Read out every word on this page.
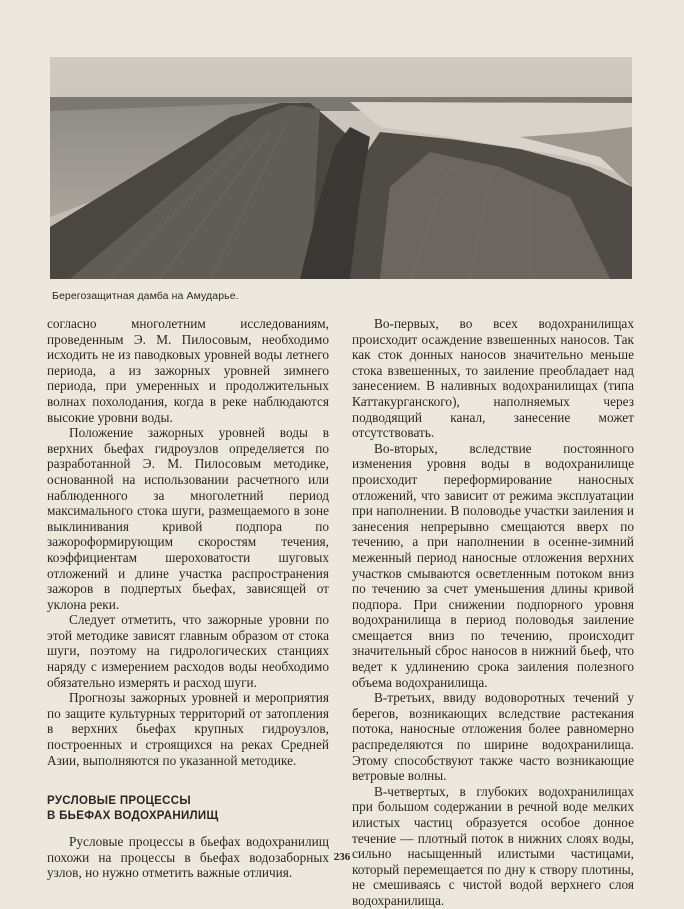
Берегозащитная дамба на Амударье.

согласно многолетним исследованиям, проведенным Э. М. Пилосовым, необходимо исходить не из паводковых уровней воды летнего периода, а из зажорных уровней зимнего периода, при умеренных и продолжительных волнах похолодания, когда в реке наблюдаются высокие уровни воды.

Положение зажорных уровней воды в верхних бьефах гидроузлов определяется по разработанной Э. М. Пилосовым методике, основанной на использовании расчетного или наблюденного за многолетний период максимального стока шуги, размещаемого в зоне выклинивания кривой подпора по зажороформирующим скоростям течения, коэффициентам шероховатости шуговых отложений и длине участка распространения зажоров в подпертых бьефах, зависящей от уклона реки.

Следует отметить, что зажорные уровни по этой методике зависят главным образом от стока шуги, поэтому на гидрологических станциях наряду с измерением расходов воды необходимо обязательно измерять и расход шуги.

Прогнозы зажорных уровней и мероприятия по защите культурных территорий от затопления в верхних бьефах крупных гидроузлов, построенных и строящихся на реках Средней Азии, выполняются по указанной методике.

РУСЛОВЫЕ ПРОЦЕССЫ
В БЬЕФАХ ВОДОХРАНИЛИЩ

Русловые процессы в бьефах водохранилищ похожи на процессы в бьефах водозаборных узлов, но нужно отметить важные отличия.

Во-первых, во всех водохранилищах происходит осаждение взвешенных наносов. Так как сток донных наносов значительно меньше стока взвешенных, то заиление преобладает над занесением. В наливных водохранилищах (типа Каттакурганского), наполняемых через подводящий канал, занесение может отсутствовать.

Во-вторых, вследствие постоянного изменения уровня воды в водохранилище происходит переформирование наносных отложений, что зависит от режима эксплуатации при наполнении. В половодье участки заиления и занесения непрерывно смещаются вверх по течению, а при наполнении в осенне-зимний меженный период наносные отложения верхних участков смываются осветленным потоком вниз по течению за счет уменьшения длины кривой подпора. При снижении подпорного уровня водохранилища в период половодья заиление смещается вниз по течению, происходит значительный сброс наносов в нижний бьеф, что ведет к удлинению срока заиления полезного объема водохранилища.

В-третьих, ввиду водоворотных течений у берегов, возникающих вследствие растекания потока, наносные отложения более равномерно распределяются по ширине водохранилища. Этому способствуют также часто возникающие ветровые волны.

В-четвертых, в глубоких водохранилищах при большом содержании в речной воде мелких илистых частиц образуется особое донное течение — плотный поток в нижних слоях воды, сильно насыщенный илистыми частицами, который перемещается по дну к створу плотины, не смешиваясь с чистой водой верхнего слоя водохранилища.

236
